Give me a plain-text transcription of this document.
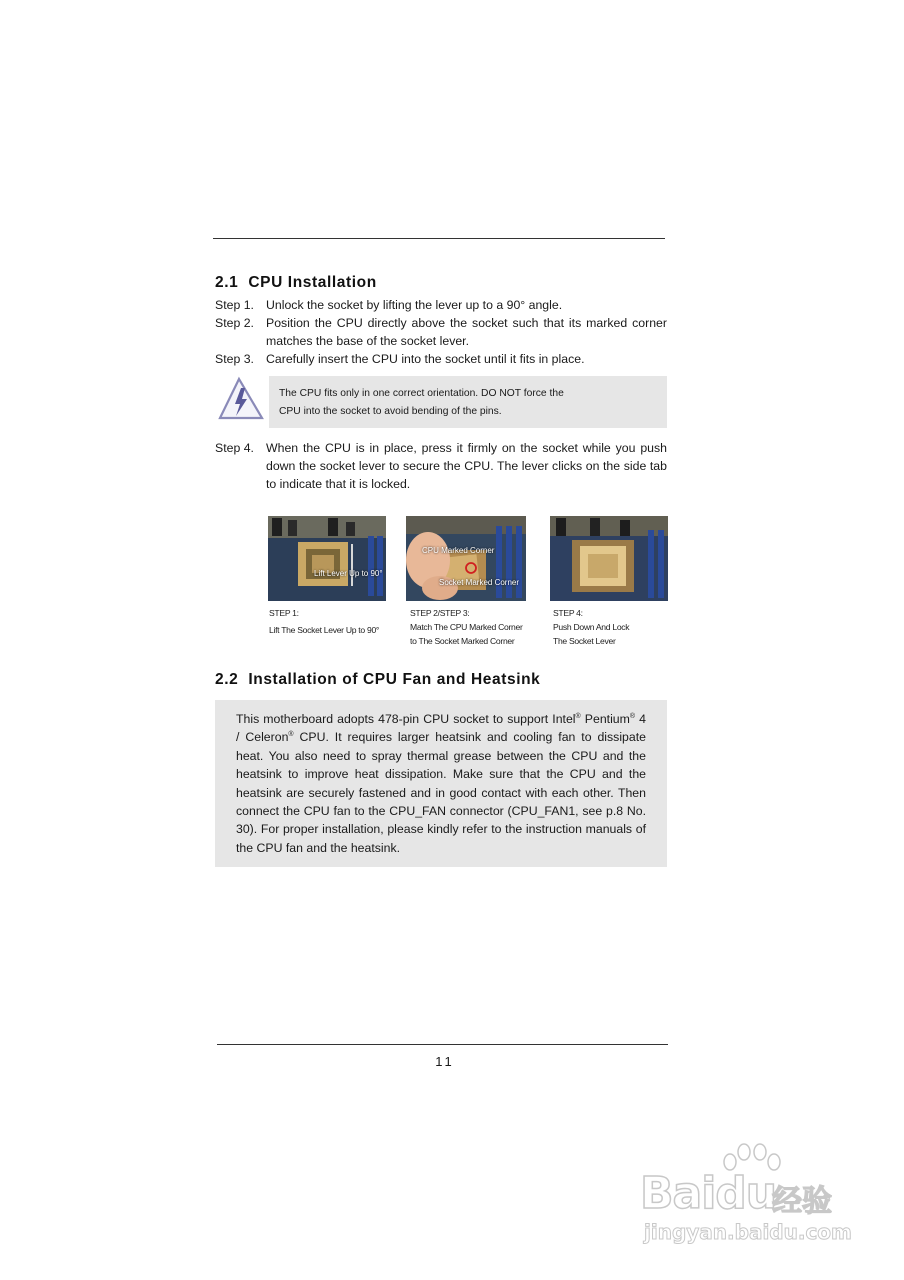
2.1 CPU Installation
Step 1. Unlock the socket by lifting the lever up to a 90° angle.
Step 2. Position the CPU directly above the socket such that its marked corner matches the base of the socket lever.
Step 3. Carefully insert the CPU into the socket until it fits in place.
The CPU fits only in one correct orientation. DO NOT force the
CPU into the socket to avoid bending of the pins.
Step 4. When the CPU is in place, press it firmly on the socket while you push down the socket lever to secure the CPU. The lever clicks on the side tab to indicate that it is locked.
Lift Lever Up to 90°
CPU Marked Corner
Socket Marked Corner
STEP 1:
Lift The Socket Lever Up to 90°
STEP 2/STEP 3:
Match The CPU Marked Corner
to The Socket Marked Corner
STEP 4:
Push Down And Lock
The Socket Lever
2.2 Installation of CPU Fan and Heatsink
This motherboard adopts 478-pin CPU socket to support Intel® Pentium® 4 / Celeron® CPU. It requires larger heatsink and cooling fan to dissipate heat. You also need to spray thermal grease between the CPU and the heatsink to improve heat dissipation. Make sure that the CPU and the heatsink are securely fastened and in good contact with each other. Then connect the CPU fan to the CPU_FAN connector (CPU_FAN1, see p.8 No. 30). For proper installation, please kindly refer to the instruction manuals of the CPU fan and the heatsink.
11
Baidu
经验
jingyan.baidu.com
